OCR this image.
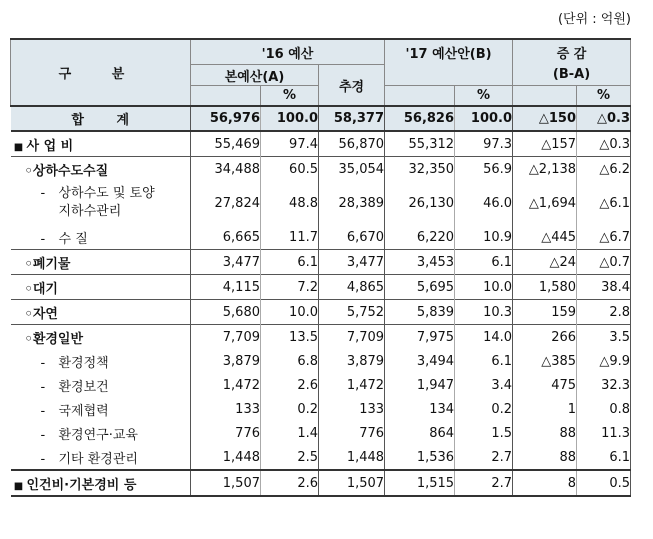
(단위 : 억원)
구 분	'16 예산			'17 예산안(B)		증 감	
	본예산(A)		추경			(B-A)	
		%			%		%
합 계	56,976	100.0	58,377	56,826	100.0	△150	△0.3
■ 사 업 비	55,469	97.4	56,870	55,312	97.3	△157	△0.3
◦상하수도수질	34,488	60.5	35,054	32,350	56.9	△2,138	△6.2
- 상하수도 및 토양
지하수관리	27,824	48.8	28,389	26,130	46.0	△1,694	△6.1
- 수 질	6,665	11.7	6,670	6,220	10.9	△445	△6.7
◦폐기물	3,477	6.1	3,477	3,453	6.1	△24	△0.7
◦대기	4,115	7.2	4,865	5,695	10.0	1,580	38.4
◦자연	5,680	10.0	5,752	5,839	10.3	159	2.8
◦환경일반	7,709	13.5	7,709	7,975	14.0	266	3.5
- 환경정책	3,879	6.8	3,879	3,494	6.1	△385	△9.9
- 환경보건	1,472	2.6	1,472	1,947	3.4	475	32.3
- 국제협력	133	0.2	133	134	0.2	1	0.8
- 환경연구·교육	776	1.4	776	864	1.5	88	11.3
- 기타 환경관리	1,448	2.5	1,448	1,536	2.7	88	6.1
■ 인건비·기본경비 등	1,507	2.6	1,507	1,515	2.7	8	0.5
